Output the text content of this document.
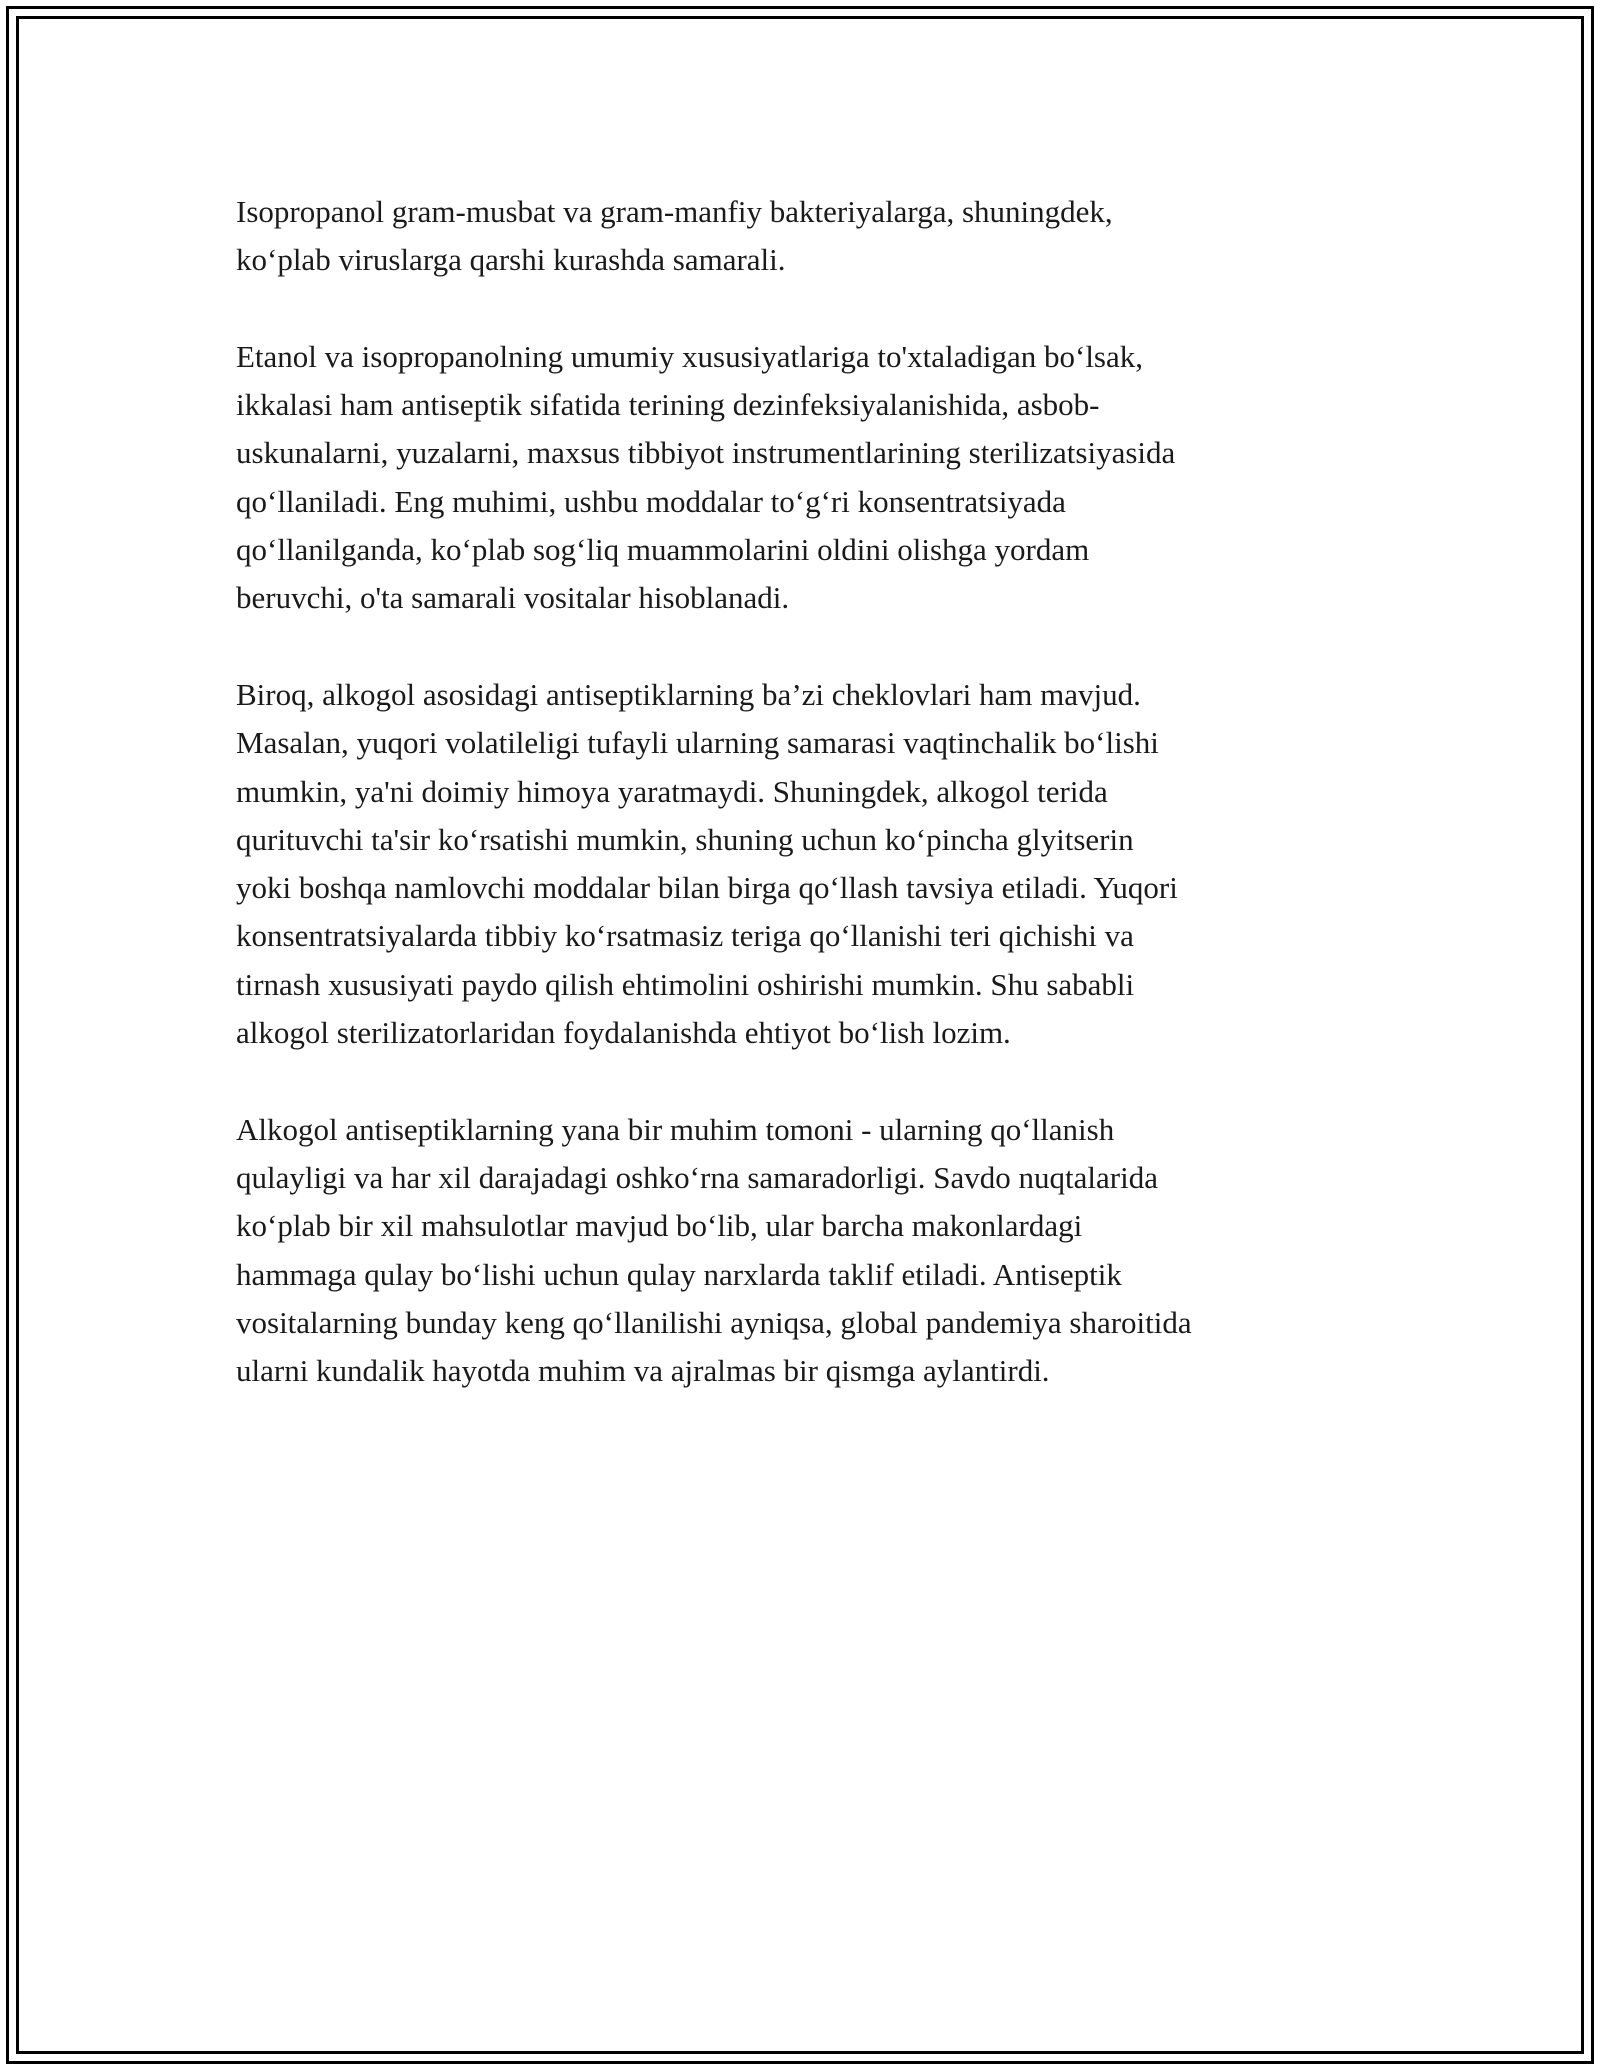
Isopropanol gram-musbat va gram-manfiy bakteriyalarga, shuningdek,
ko‘plab viruslarga qarshi kurashda samarali.

Etanol va isopropanolning umumiy xususiyatlariga to'xtaladigan bo‘lsak,
ikkalasi ham antiseptik sifatida terining dezinfeksiyalanishida, asbob-
uskunalarni, yuzalarni, maxsus tibbiyot instrumentlarining sterilizatsiyasida
qo‘llaniladi. Eng muhimi, ushbu moddalar to‘g‘ri konsentratsiyada
qo‘llanilganda, ko‘plab sog‘liq muammolarini oldini olishga yordam
beruvchi, o'ta samarali vositalar hisoblanadi.

Biroq, alkogol asosidagi antiseptiklarning ba’zi cheklovlari ham mavjud.
Masalan, yuqori volatileligi tufayli ularning samarasi vaqtinchalik bo‘lishi
mumkin, ya'ni doimiy himoya yaratmaydi. Shuningdek, alkogol terida
qurituvchi ta'sir ko‘rsatishi mumkin, shuning uchun ko‘pincha glyitserin
yoki boshqa namlovchi moddalar bilan birga qo‘llash tavsiya etiladi. Yuqori
konsentratsiyalarda tibbiy ko‘rsatmasiz teriga qo‘llanishi teri qichishi va
tirnash xususiyati paydo qilish ehtimolini oshirishi mumkin. Shu sababli
alkogol sterilizatorlaridan foydalanishda ehtiyot bo‘lish lozim.

Alkogol antiseptiklarning yana bir muhim tomoni - ularning qo‘llanish
qulayligi va har xil darajadagi oshko‘rna samaradorligi. Savdo nuqtalarida
ko‘plab bir xil mahsulotlar mavjud bo‘lib, ular barcha makonlardagi
hammaga qulay bo‘lishi uchun qulay narxlarda taklif etiladi. Antiseptik
vositalarning bunday keng qo‘llanilishi ayniqsa, global pandemiya sharoitida
ularni kundalik hayotda muhim va ajralmas bir qismga aylantirdi.
